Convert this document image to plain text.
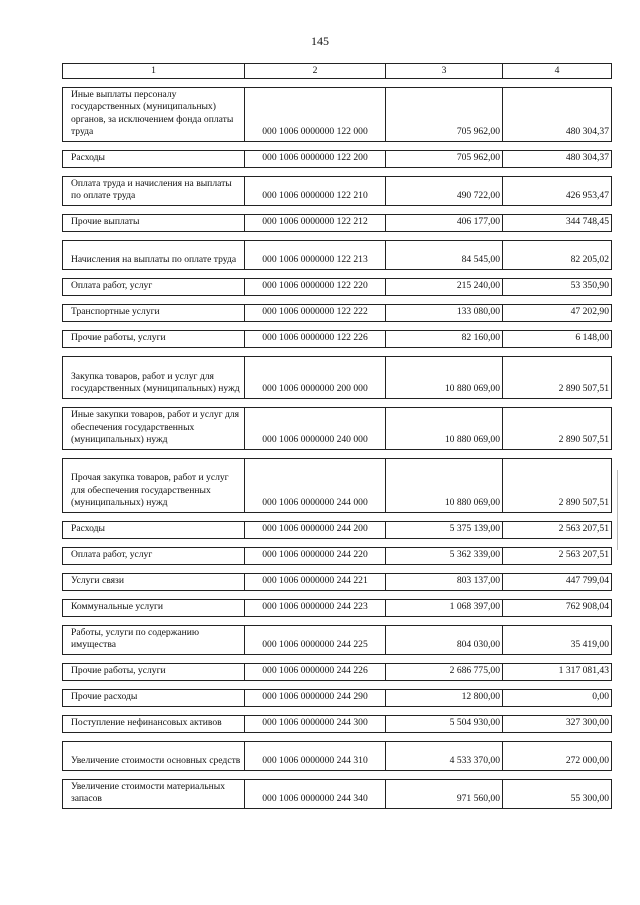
145
1	2	3	4

Иные выплаты персоналу государственных (муниципальных) органов, за исключением фонда оплаты труда	000 1006 0000000 122 000	705 962,00	480 304,37

Расходы	000 1006 0000000 122 200	705 962,00	480 304,37

Оплата труда и начисления на выплаты по оплате труда	000 1006 0000000 122 210	490 722,00	426 953,47

Прочие выплаты	000 1006 0000000 122 212	406 177,00	344 748,45

Начисления на выплаты по оплате труда	000 1006 0000000 122 213	84 545,00	82 205,02

Оплата работ, услуг	000 1006 0000000 122 220	215 240,00	53 350,90

Транспортные услуги	000 1006 0000000 122 222	133 080,00	47 202,90

Прочие работы, услуги	000 1006 0000000 122 226	82 160,00	6 148,00

Закупка товаров, работ и услуг для государственных (муниципальных) нужд	000 1006 0000000 200 000	10 880 069,00	2 890 507,51

Иные закупки товаров, работ и услуг для обеспечения государственных (муниципальных) нужд	000 1006 0000000 240 000	10 880 069,00	2 890 507,51

Прочая закупка товаров, работ и услуг для обеспечения государственных (муниципальных) нужд	000 1006 0000000 244 000	10 880 069,00	2 890 507,51

Расходы	000 1006 0000000 244 200	5 375 139,00	2 563 207,51

Оплата работ, услуг	000 1006 0000000 244 220	5 362 339,00	2 563 207,51

Услуги связи	000 1006 0000000 244 221	803 137,00	447 799,04

Коммунальные услуги	000 1006 0000000 244 223	1 068 397,00	762 908,04

Работы, услуги по содержанию имущества	000 1006 0000000 244 225	804 030,00	35 419,00

Прочие работы, услуги	000 1006 0000000 244 226	2 686 775,00	1 317 081,43

Прочие расходы	000 1006 0000000 244 290	12 800,00	0,00

Поступление нефинансовых активов	000 1006 0000000 244 300	5 504 930,00	327 300,00

Увеличение стоимости основных средств	000 1006 0000000 244 310	4 533 370,00	272 000,00

Увеличение стоимости материальных запасов	000 1006 0000000 244 340	971 560,00	55 300,00
